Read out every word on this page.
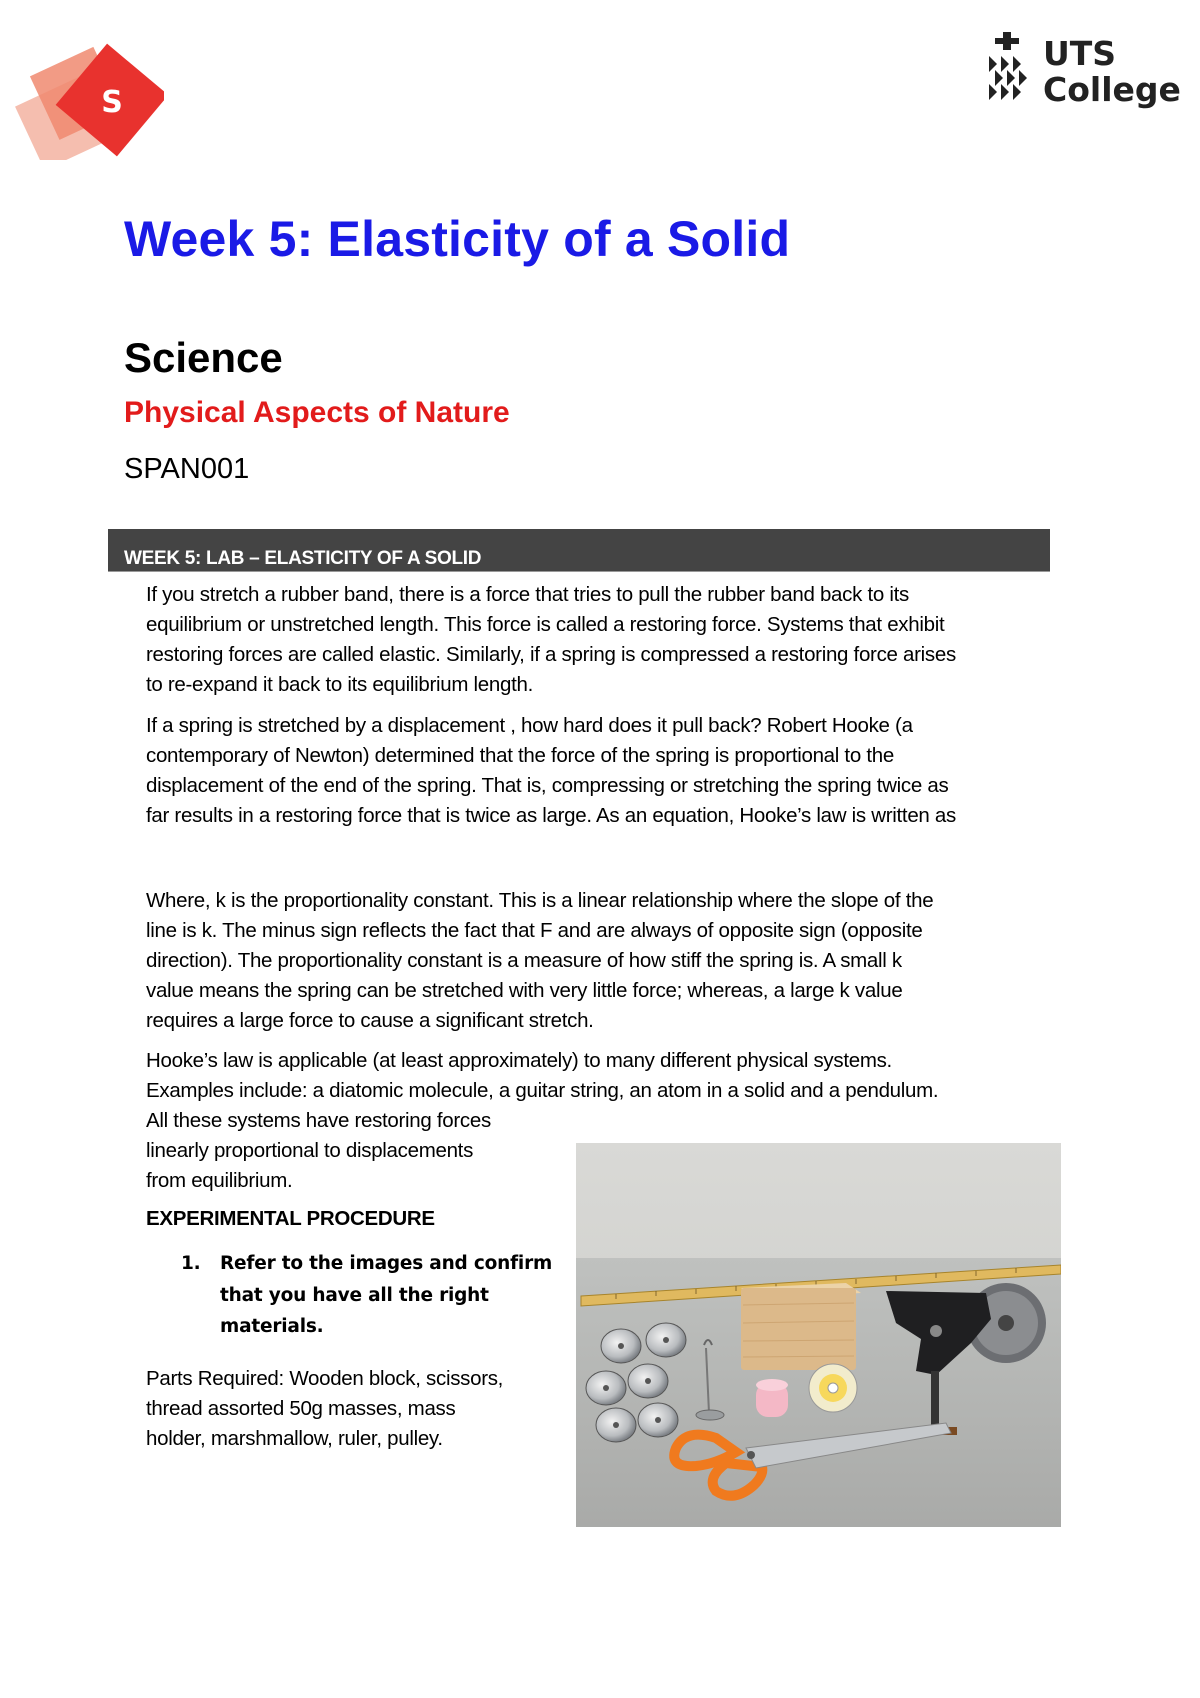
S
UTS
College
Week 5: Elasticity of a Solid
Science
Physical Aspects of Nature
SPAN001
WEEK 5: LAB – ELASTICITY OF A SOLID
If you stretch a rubber band, there is a force that tries to pull the rubber band back to its
equilibrium or unstretched length. This force is called a restoring force. Systems that exhibit
restoring forces are called elastic. Similarly, if a spring is compressed a restoring force arises
to re-expand it back to its equilibrium length.
If a spring is stretched by a displacement , how hard does it pull back? Robert Hooke (a
contemporary of Newton) determined that the force of the spring is proportional to the
displacement of the end of the spring. That is, compressing or stretching the spring twice as
far results in a restoring force that is twice as large. As an equation, Hooke’s law is written as
Where, k is the proportionality constant. This is a linear relationship where the slope of the
line is k. The minus sign reflects the fact that F and are always of opposite sign (opposite
direction). The proportionality constant is a measure of how stiff the spring is. A small k
value means the spring can be stretched with very little force; whereas, a large k value
requires a large force to cause a significant stretch.
Hooke’s law is applicable (at least approximately) to many different physical systems.
Examples include: a diatomic molecule, a guitar string, an atom in a solid and a pendulum.
All these systems have restoring forces
linearly proportional to displacements
from equilibrium.
EXPERIMENTAL PROCEDURE
1. Refer to the images and confirm
that you have all the right
materials.
Parts Required: Wooden block, scissors,
thread assorted 50g masses, mass
holder, marshmallow, ruler, pulley.
